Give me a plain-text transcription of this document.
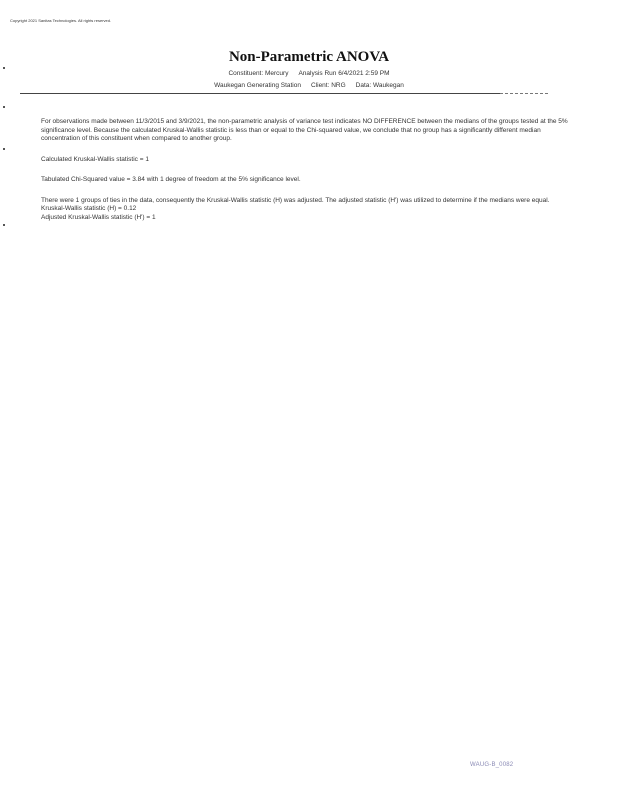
Copyright 2021 Sanitas Technologies. All rights reserved.
Non-Parametric ANOVA
Constituent: Mercury Analysis Run 6/4/2021 2:59 PM
Waukegan Generating Station Client: NRG Data: Waukegan

For observations made between 11/3/2015 and 3/9/2021, the non-parametric analysis of variance test indicates NO DIFFERENCE between the medians of the groups tested at the 5% significance level. Because the calculated Kruskal-Wallis statistic is less than or equal to the Chi-squared value, we conclude that no group has a significantly different median concentration of this constituent when compared to another group.

Calculated Kruskal-Wallis statistic = 1

Tabulated Chi-Squared value = 3.84 with 1 degree of freedom at the 5% significance level.

There were 1 groups of ties in the data, consequently the Kruskal-Wallis statistic (H) was adjusted. The adjusted statistic (H') was utilized to determine if the medians were equal.

Kruskal-Wallis statistic (H) = 0.12

Adjusted Kruskal-Wallis statistic (H') = 1

WAUG-B_0082
